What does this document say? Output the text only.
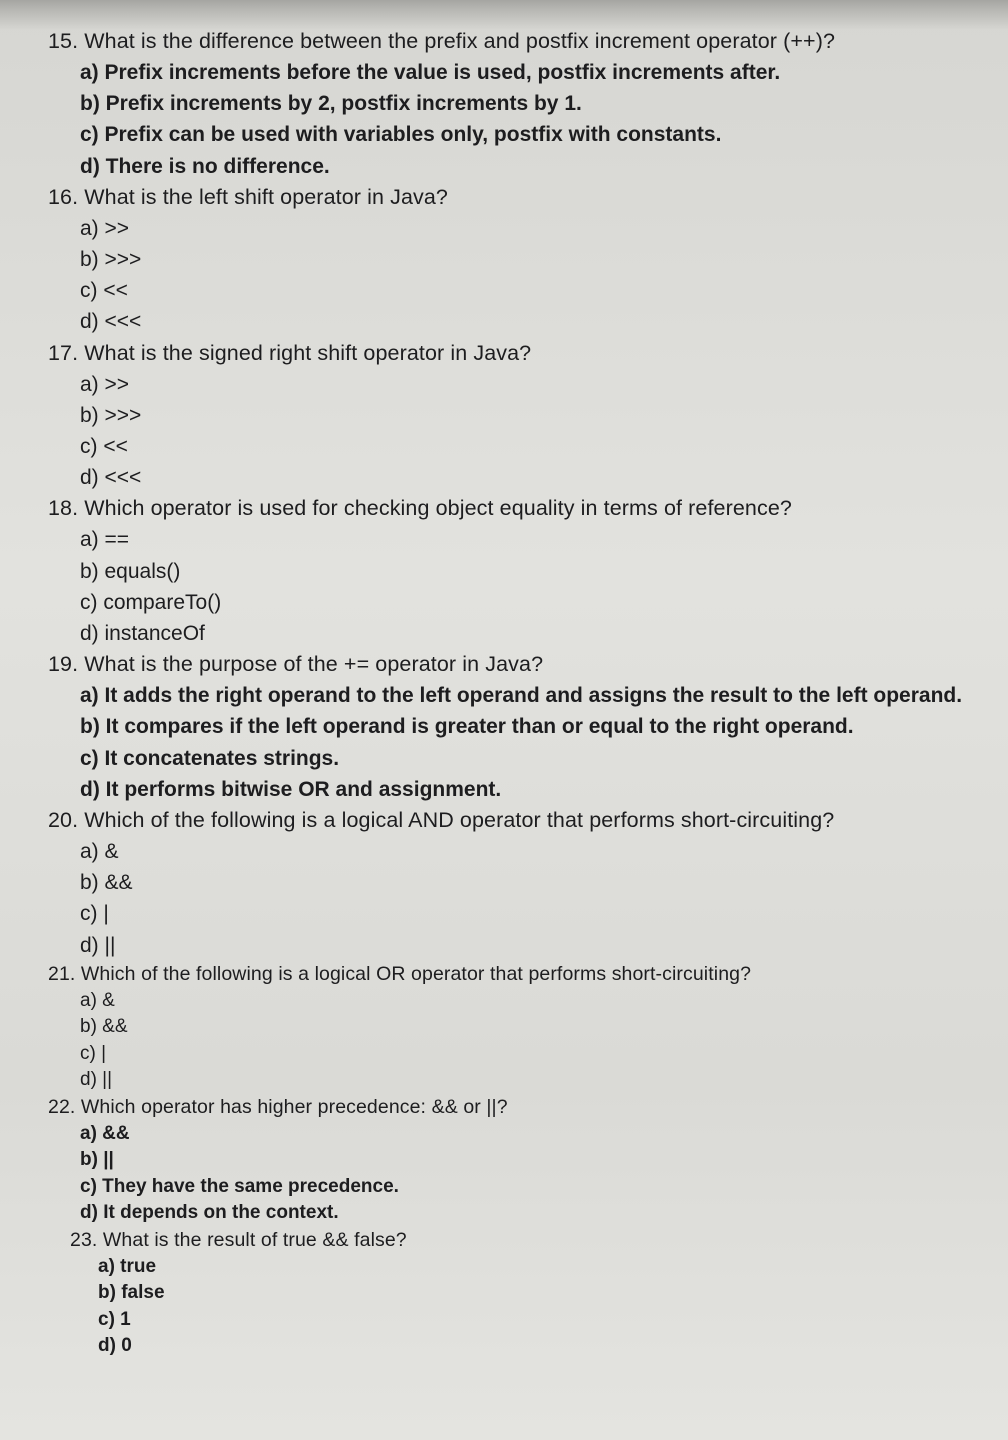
15. What is the difference between the prefix and postfix increment operator (++)?
a) Prefix increments before the value is used, postfix increments after.
b) Prefix increments by 2, postfix increments by 1.
c) Prefix can be used with variables only, postfix with constants.
d) There is no difference.
16. What is the left shift operator in Java?
a) >>
b) >>>
c) <<
d) <<<
17. What is the signed right shift operator in Java?
a) >>
b) >>>
c) <<
d) <<<
18. Which operator is used for checking object equality in terms of reference?
a) ==
b) equals()
c) compareTo()
d) instanceOf
19. What is the purpose of the += operator in Java?
a) It adds the right operand to the left operand and assigns the result to the left operand.
b) It compares if the left operand is greater than or equal to the right operand.
c) It concatenates strings.
d) It performs bitwise OR and assignment.
20. Which of the following is a logical AND operator that performs short-circuiting?
a) &
b) &&
c) |
d) ||
21. Which of the following is a logical OR operator that performs short-circuiting?
a) &
b) &&
c) |
d) ||
22. Which operator has higher precedence: && or ||?
a) &&
b) ||
c) They have the same precedence.
d) It depends on the context.
23. What is the result of true && false?
a) true
b) false
c) 1
d) 0
